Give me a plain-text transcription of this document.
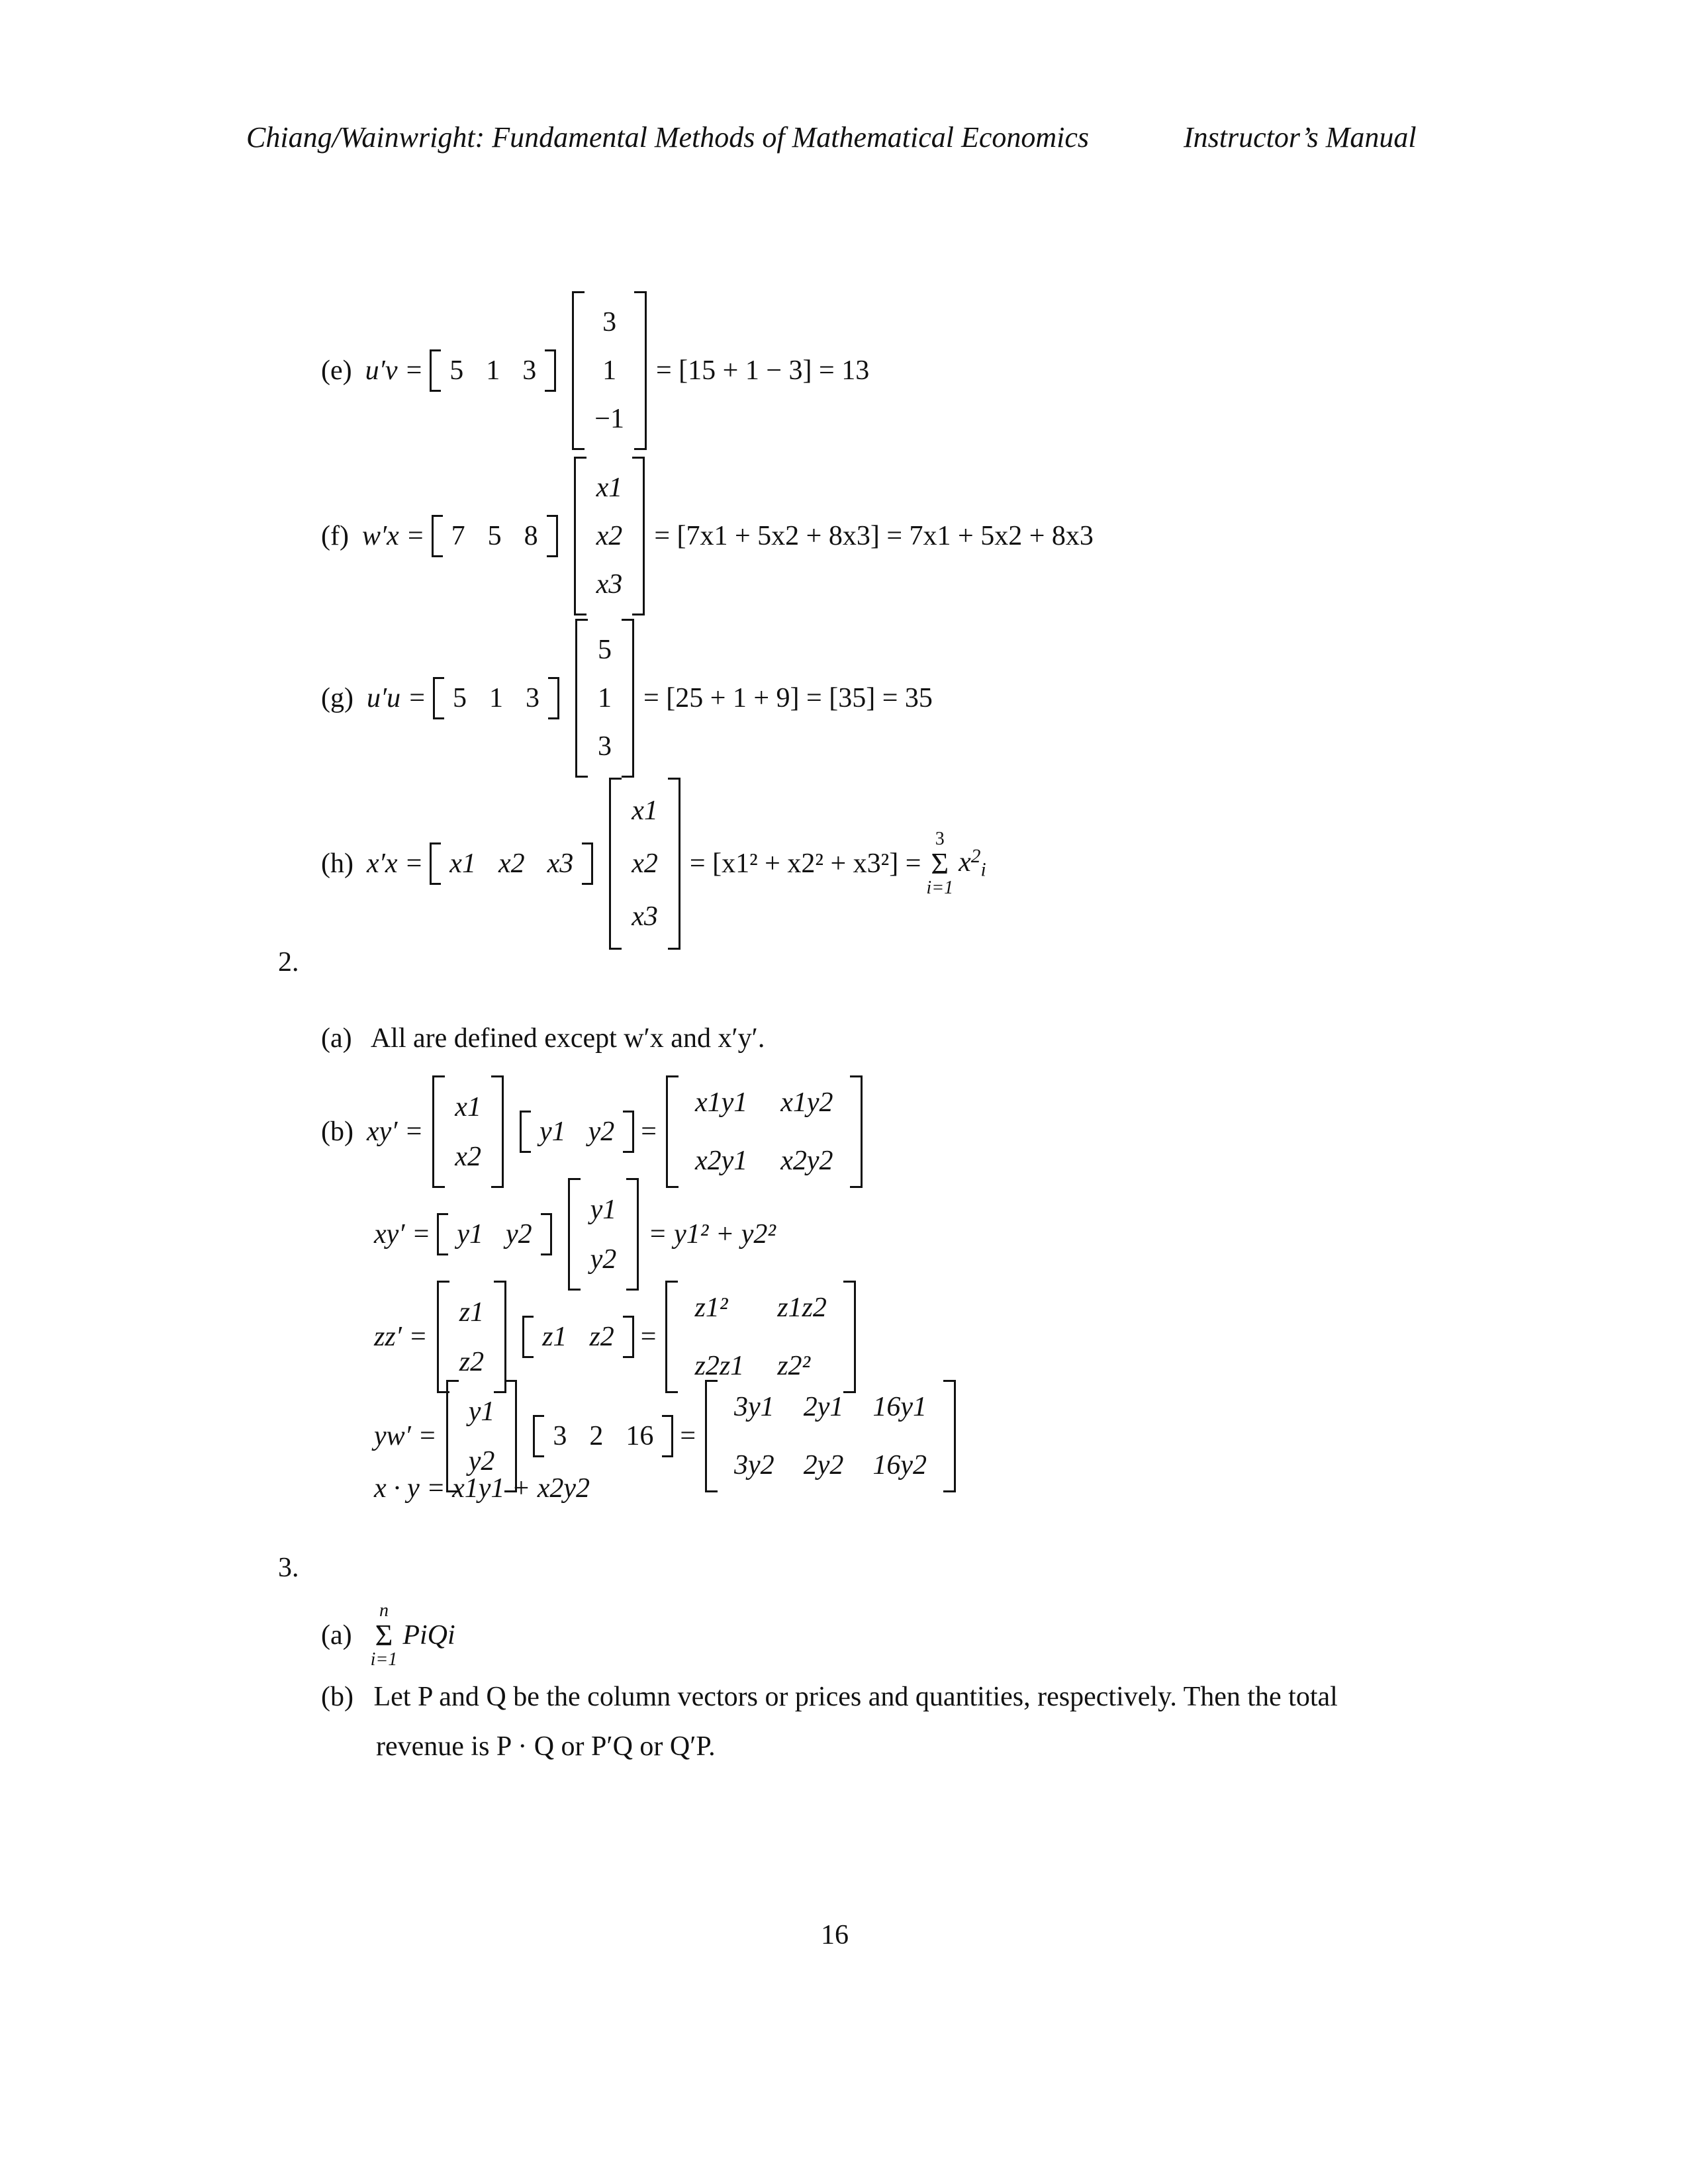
Chiang/Wainwright: Fundamental Methods of Mathematical Economics	Instructor’s Manual
(e) u′v = 5 1 3
3
1
−1
= [15 + 1 − 3] = 13
(f) w′x = 7 5 8
x1
x2
x3
= [7x1 + 5x2 + 8x3] = 7x1 + 5x2 + 8x3
(g) u′u = 5 1 3
5
1
3
= [25 + 1 + 9] = [35] = 35
(h) x′x = x1 x2 x3
x1
x2
x3
= [x1² + x2² + x3²] =
3
Σ
i=1
$x^2_i$
2.
(a) All are defined except w′x and x′y′.
(b) xy′ =
x1
x2
y1 y2 =
x1y1 x1y2
x2y1 x2y2
xy′ = y1 y2
y1
y2
= y1² + y2²
zz′ =
z1
z2
z1 z2 =
z1²	z1z2
z2z1 z2²
yw′ =
y1
y2
3 2 16 =
3y1 2y1 16y1
3y2 2y2 16y2
x · y = x1y1 + x2y2
3.
(a)
n
Σ
i=1
PiQi
(b) Let P and Q be the column vectors or prices and quantities, respectively. Then the total
revenue is P · Q or P′Q or Q′P.
16
